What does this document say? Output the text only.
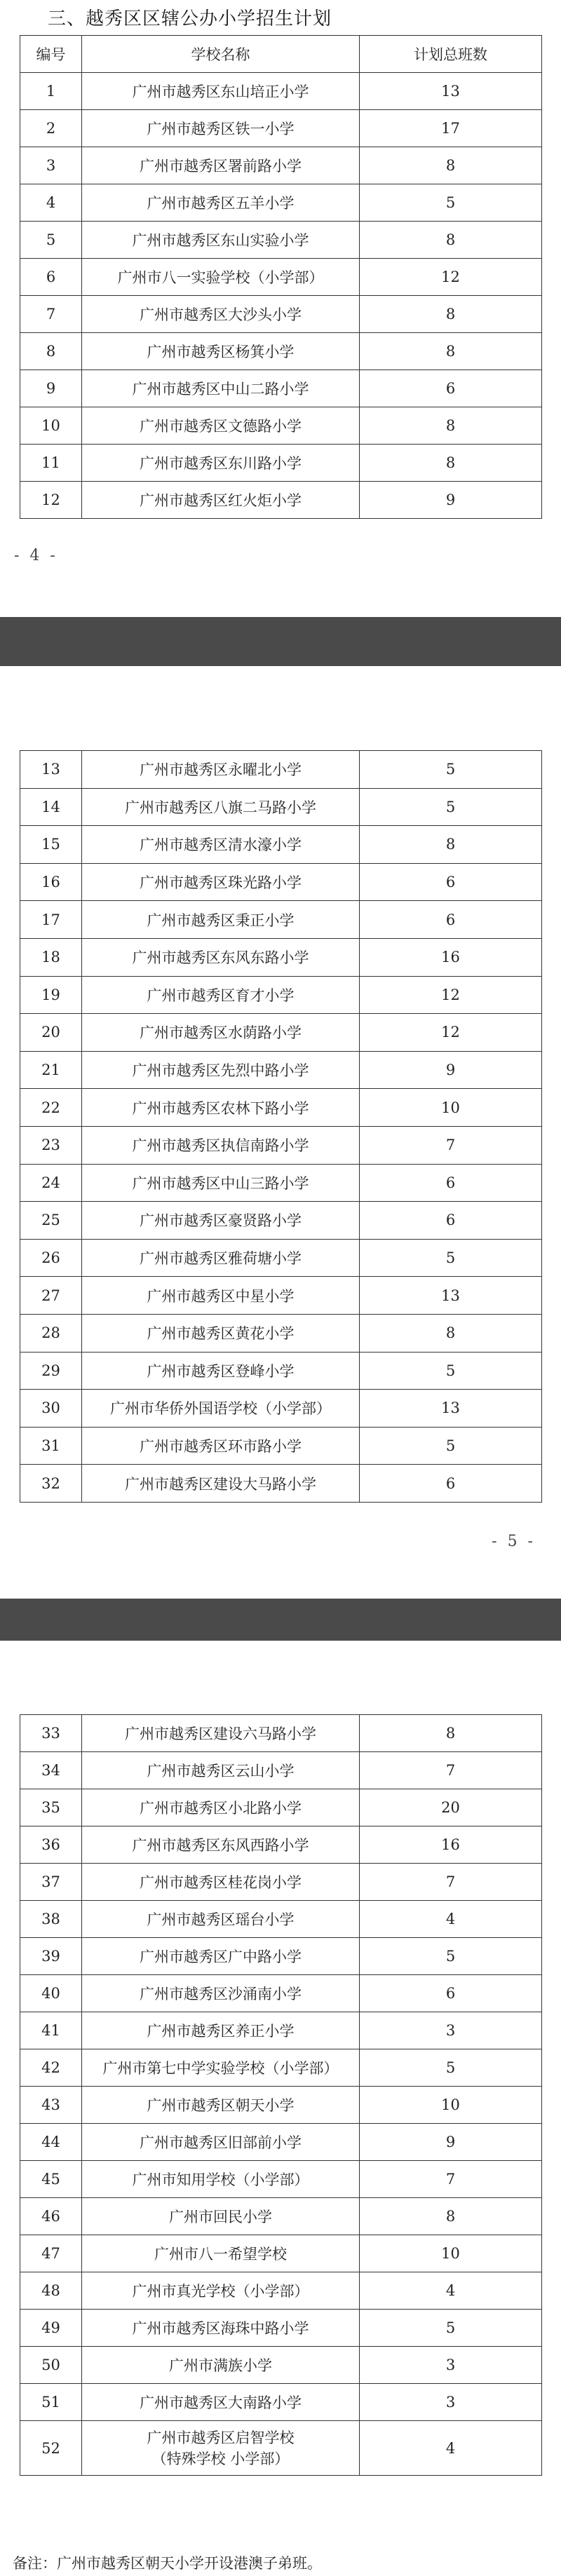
三、越秀区区辖公办小学招生计划
编号	学校名称	计划总班数
1	广州市越秀区东山培正小学	13
2	广州市越秀区铁一小学	17
3	广州市越秀区署前路小学	8
4	广州市越秀区五羊小学	5
5	广州市越秀区东山实验小学	8
6	广州市八一实验学校（小学部）	12
7	广州市越秀区大沙头小学	8
8	广州市越秀区杨箕小学	8
9	广州市越秀区中山二路小学	6
10	广州市越秀区文德路小学	8
11	广州市越秀区东川路小学	8
12	广州市越秀区红火炬小学	9
- 4 -
13	广州市越秀区永曜北小学	5
14	广州市越秀区八旗二马路小学	5
15	广州市越秀区清水濠小学	8
16	广州市越秀区珠光路小学	6
17	广州市越秀区秉正小学	6
18	广州市越秀区东风东路小学	16
19	广州市越秀区育才小学	12
20	广州市越秀区水荫路小学	12
21	广州市越秀区先烈中路小学	9
22	广州市越秀区农林下路小学	10
23	广州市越秀区执信南路小学	7
24	广州市越秀区中山三路小学	6
25	广州市越秀区豪贤路小学	6
26	广州市越秀区雅荷塘小学	5
27	广州市越秀区中星小学	13
28	广州市越秀区黄花小学	8
29	广州市越秀区登峰小学	5
30	广州市华侨外国语学校（小学部）	13
31	广州市越秀区环市路小学	5
32	广州市越秀区建设大马路小学	6
- 5 -
33	广州市越秀区建设六马路小学	8
34	广州市越秀区云山小学	7
35	广州市越秀区小北路小学	20
36	广州市越秀区东风西路小学	16
37	广州市越秀区桂花岗小学	7
38	广州市越秀区瑶台小学	4
39	广州市越秀区广中路小学	5
40	广州市越秀区沙涌南小学	6
41	广州市越秀区养正小学	3
42	广州市第七中学实验学校（小学部）	5
43	广州市越秀区朝天小学	10
44	广州市越秀区旧部前小学	9
45	广州市知用学校（小学部）	7
46	广州市回民小学	8
47	广州市八一希望学校	10
48	广州市真光学校（小学部）	4
49	广州市越秀区海珠中路小学	5
50	广州市满族小学	3
51	广州市越秀区大南路小学	3
52	广州市越秀区启智学校
（特殊学校 小学部）	4
备注：广州市越秀区朝天小学开设港澳子弟班。
